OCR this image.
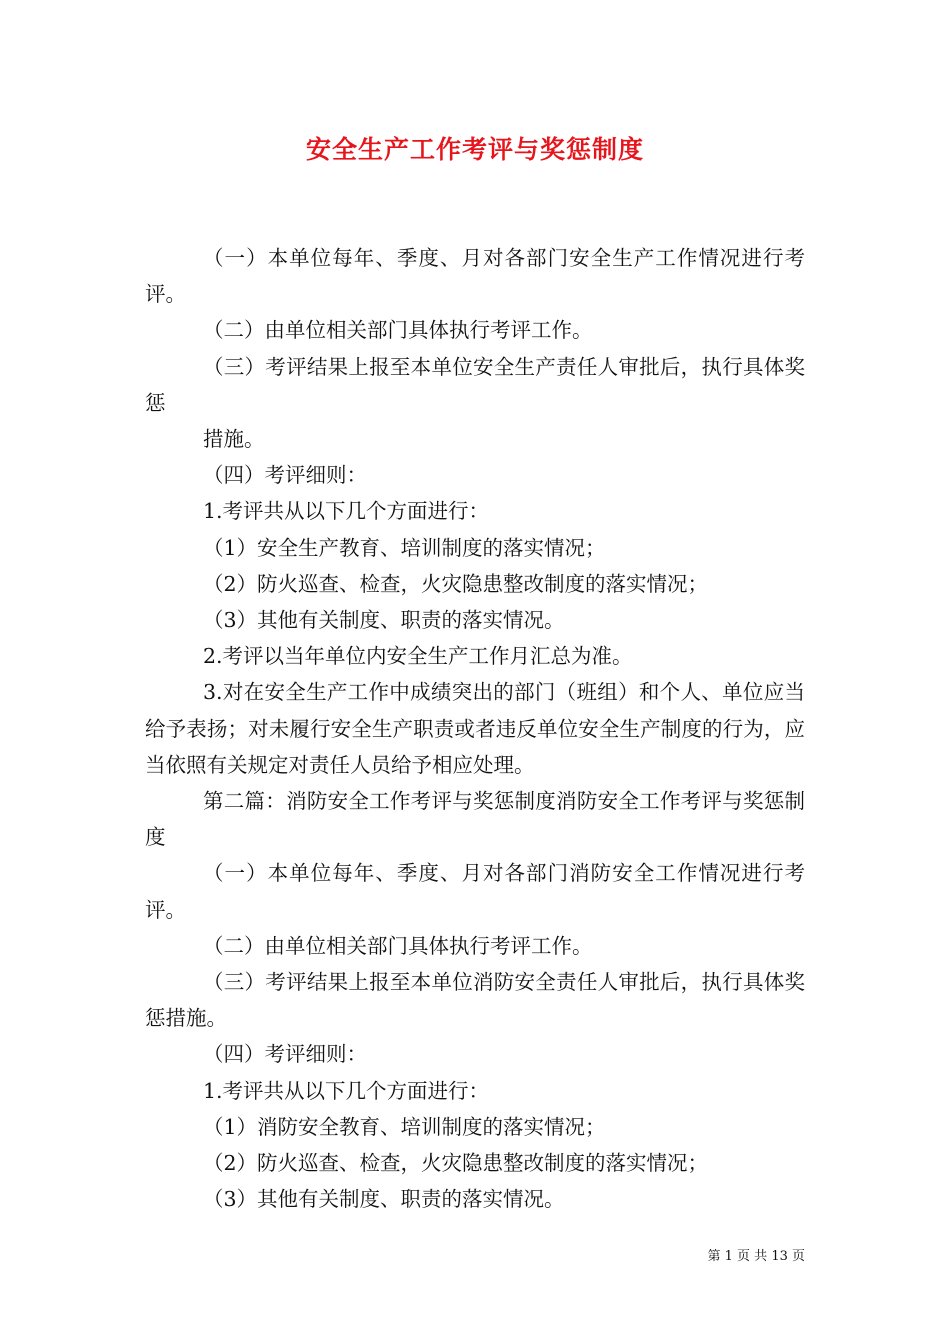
安全生产工作考评与奖惩制度

（一）本单位每年、季度、月对各部门安全生产工作情况进行考评。

（二）由单位相关部门具体执行考评工作。

（三）考评结果上报至本单位安全生产责任人审批后，执行具体奖惩

措施。

（四）考评细则：

1.考评共从以下几个方面进行：

（1）安全生产教育、培训制度的落实情况；

（2）防火巡查、检查，火灾隐患整改制度的落实情况；

（3）其他有关制度、职责的落实情况。

2.考评以当年单位内安全生产工作月汇总为准。

3.对在安全生产工作中成绩突出的部门（班组）和个人、单位应当给予表扬；对未履行安全生产职责或者违反单位安全生产制度的行为，应当依照有关规定对责任人员给予相应处理。

第二篇：消防安全工作考评与奖惩制度消防安全工作考评与奖惩制度

（一）本单位每年、季度、月对各部门消防安全工作情况进行考评。

（二）由单位相关部门具体执行考评工作。

（三）考评结果上报至本单位消防安全责任人审批后，执行具体奖惩措施。

（四）考评细则：

1.考评共从以下几个方面进行：

（1）消防安全教育、培训制度的落实情况；

（2）防火巡查、检查，火灾隐患整改制度的落实情况；

（3）其他有关制度、职责的落实情况。

第 1 页 共 13 页
